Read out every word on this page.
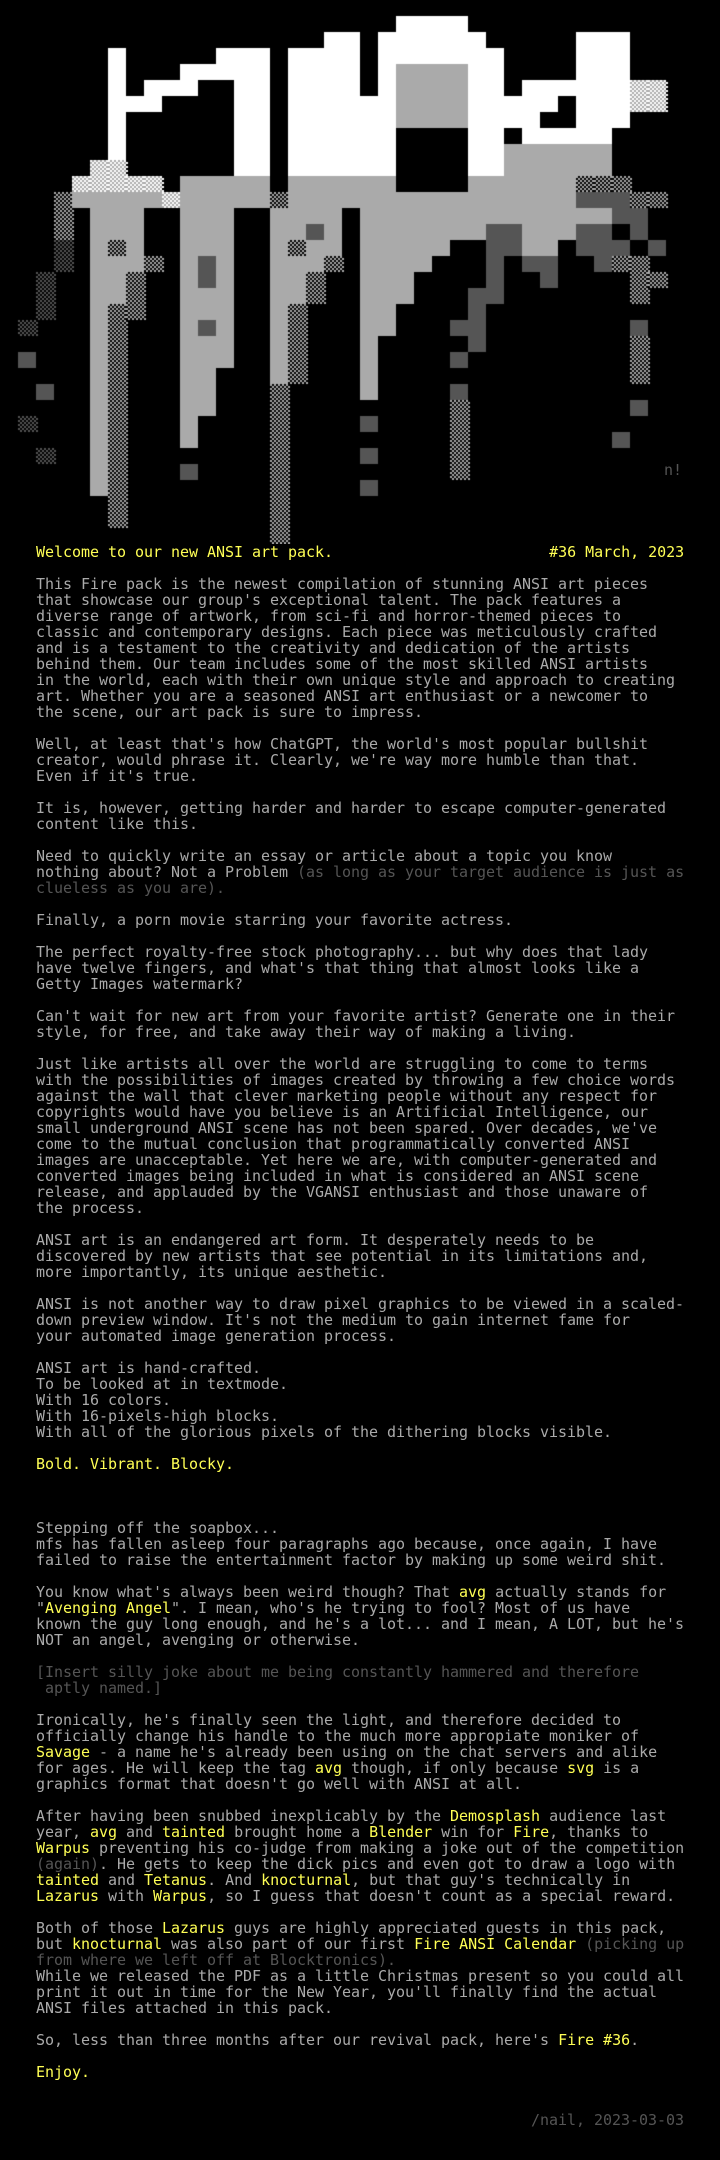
n!
Welcome to our new ANSI art pack.	#36 March, 2023
This Fire pack is the newest compilation of stunning ANSI art pieces
that showcase our group's exceptional talent. The pack features a
diverse range of artwork, from sci-fi and horror-themed pieces to
classic and contemporary designs. Each piece was meticulously crafted
and is a testament to the creativity and dedication of the artists
behind them. Our team includes some of the most skilled ANSI artists
in the world, each with their own unique style and approach to creating
art. Whether you are a seasoned ANSI art enthusiast or a newcomer to
the scene, our art pack is sure to impress.
Well, at least that's how ChatGPT, the world's most popular bullshit
creator, would phrase it. Clearly, we're way more humble than that.
Even if it's true.
It is, however, getting harder and harder to escape computer-generated
content like this.
Need to quickly write an essay or article about a topic you know
nothing about? Not a Problem (as long as your target audience is just as
clueless as you are).
Finally, a porn movie starring your favorite actress.
The perfect royalty-free stock photography... but why does that lady
have twelve fingers, and what's that thing that almost looks like a
Getty Images watermark?
Can't wait for new art from your favorite artist? Generate one in their
style, for free, and take away their way of making a living.
Just like artists all over the world are struggling to come to terms
with the possibilities of images created by throwing a few choice words
against the wall that clever marketing people without any respect for
copyrights would have you believe is an Artificial Intelligence, our
small underground ANSI scene has not been spared. Over decades, we've
come to the mutual conclusion that programmatically converted ANSI
images are unacceptable. Yet here we are, with computer-generated and
converted images being included in what is considered an ANSI scene
release, and applauded by the VGANSI enthusiast and those unaware of
the process.
ANSI art is an endangered art form. It desperately needs to be
discovered by new artists that see potential in its limitations and,
more importantly, its unique aesthetic.
ANSI is not another way to draw pixel graphics to be viewed in a scaled-
down preview window. It's not the medium to gain internet fame for
your automated image generation process.
ANSI art is hand-crafted.
To be looked at in textmode.
With 16 colors.
With 16-pixels-high blocks.
With all of the glorious pixels of the dithering blocks visible.
Bold. Vibrant. Blocky.
Stepping off the soapbox...
mfs has fallen asleep four paragraphs ago because, once again, I have
failed to raise the entertainment factor by making up some weird shit.
You know what's always been weird though? That avg actually stands for
"Avenging Angel". I mean, who's he trying to fool? Most of us have
known the guy long enough, and he's a lot... and I mean, A LOT, but he's
NOT an angel, avenging or otherwise.
[Insert silly joke about me being constantly hammered and therefore
aptly named.]
Ironically, he's finally seen the light, and therefore decided to
officially change his handle to the much more appropiate moniker of
Savage - a name he's already been using on the chat servers and alike
for ages. He will keep the tag avg though, if only because svg is a
graphics format that doesn't go well with ANSI at all.
After having been snubbed inexplicably by the Demosplash audience last
year, avg and tainted brought home a Blender win for Fire, thanks to
Warpus preventing his co-judge from making a joke out of the competition
(again). He gets to keep the dick pics and even got to draw a logo with
tainted and Tetanus. And knocturnal, but that guy's technically in
Lazarus with Warpus, so I guess that doesn't count as a special reward.
Both of those Lazarus guys are highly appreciated guests in this pack,
but knocturnal was also part of our first Fire ANSI Calendar (picking up
from where we left off at Blocktronics).
While we released the PDF as a little Christmas present so you could all
print it out in time for the New Year, you'll finally find the actual
ANSI files attached in this pack.
So, less than three months after our revival pack, here's Fire #36.
Enjoy.
/nail, 2023-03-03
